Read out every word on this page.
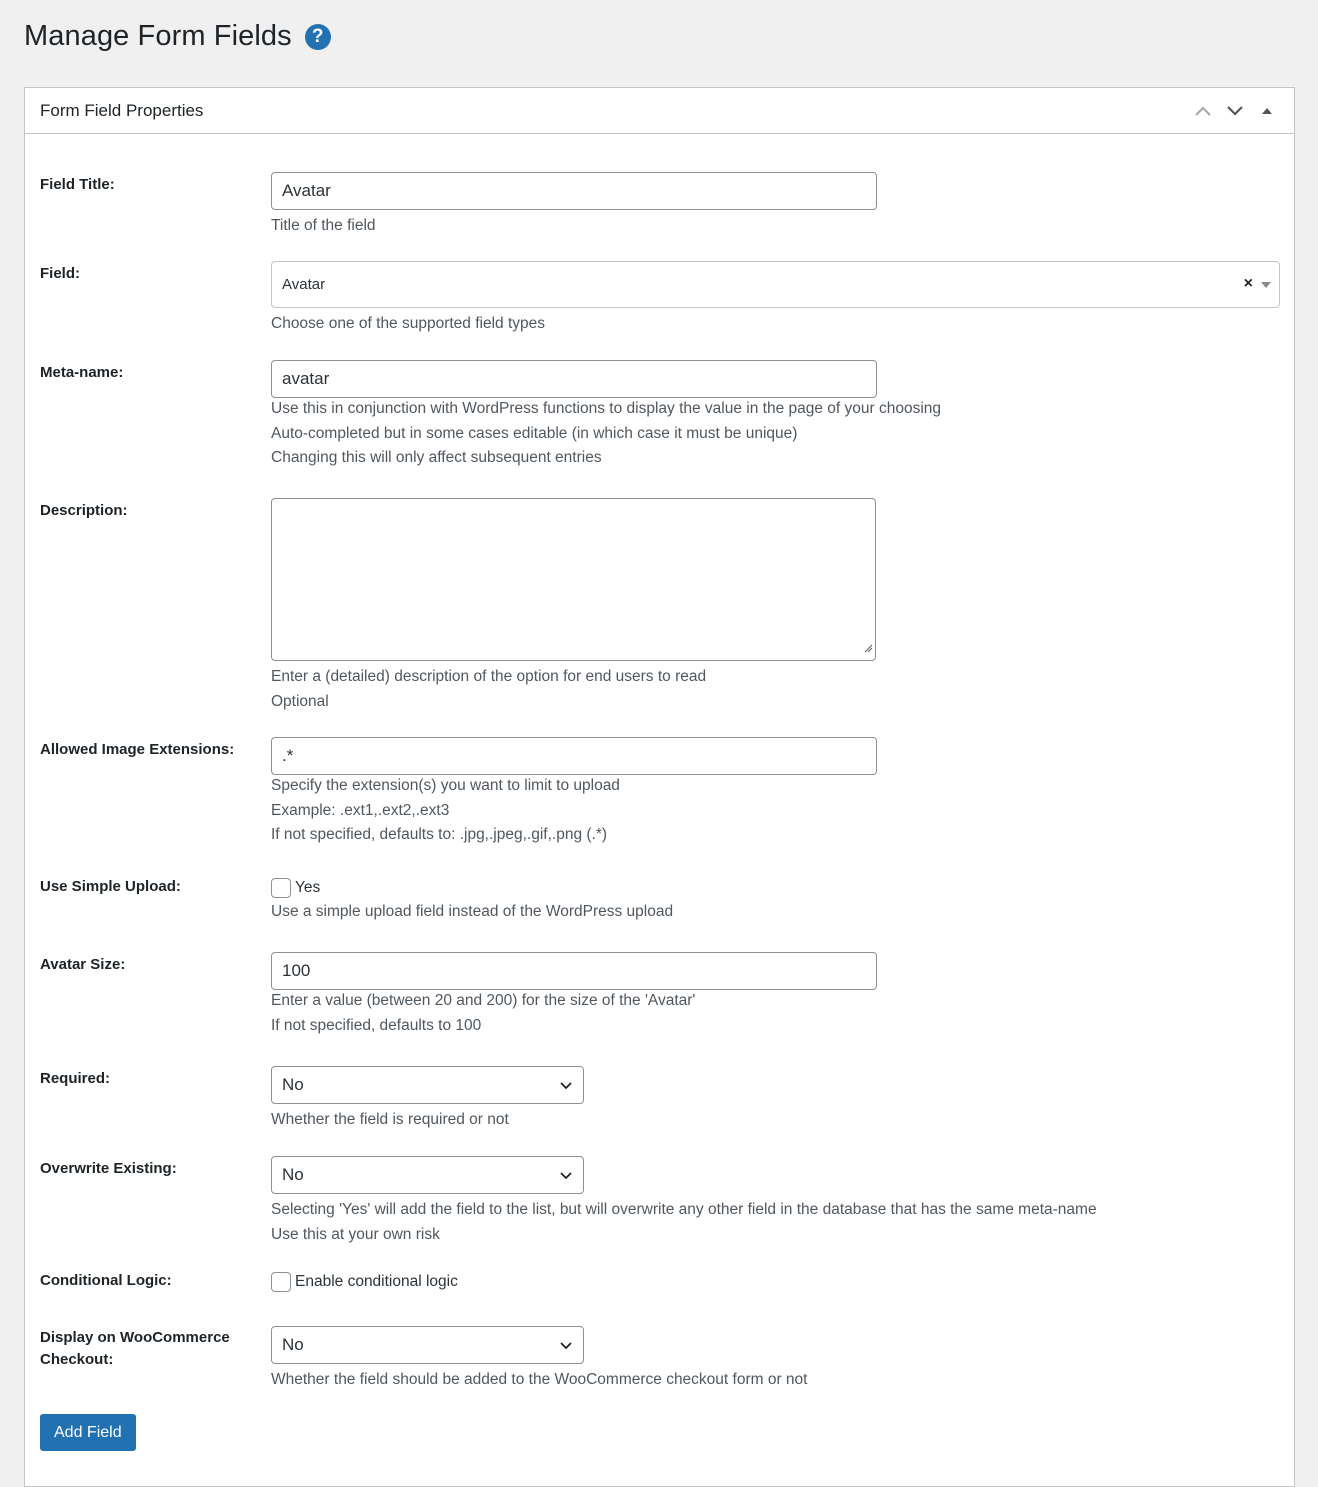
Manage Form Fields	?
Form Field Properties
Field Title:	Avatar
Title of the field
Field:
Avatar	×
Choose one of the supported field types
Meta-name:	avatar
Use this in conjunction with WordPress functions to display the value in the page of your choosing
Auto-completed but in some cases editable (in which case it must be unique)
Changing this will only affect subsequent entries
Description:
Enter a (detailed) description of the option for end users to read
Optional
Allowed Image Extensions:	.*
Specify the extension(s) you want to limit to upload
Example: .ext1,.ext2,.ext3
If not specified, defaults to: .jpg,.jpeg,.gif,.png (.*)
Use Simple Upload:	Yes
Use a simple upload field instead of the WordPress upload
Avatar Size:	100
Enter a value (between 20 and 200) for the size of the 'Avatar'
If not specified, defaults to 100
Required:	No
Whether the field is required or not
Overwrite Existing:	No
Selecting 'Yes' will add the field to the list, but will overwrite any other field in the database that has the same meta-name
Use this at your own risk
Conditional Logic:	Enable conditional logic
Display on WooCommerce
Checkout:
No
Whether the field should be added to the WooCommerce checkout form or not
Add Field
